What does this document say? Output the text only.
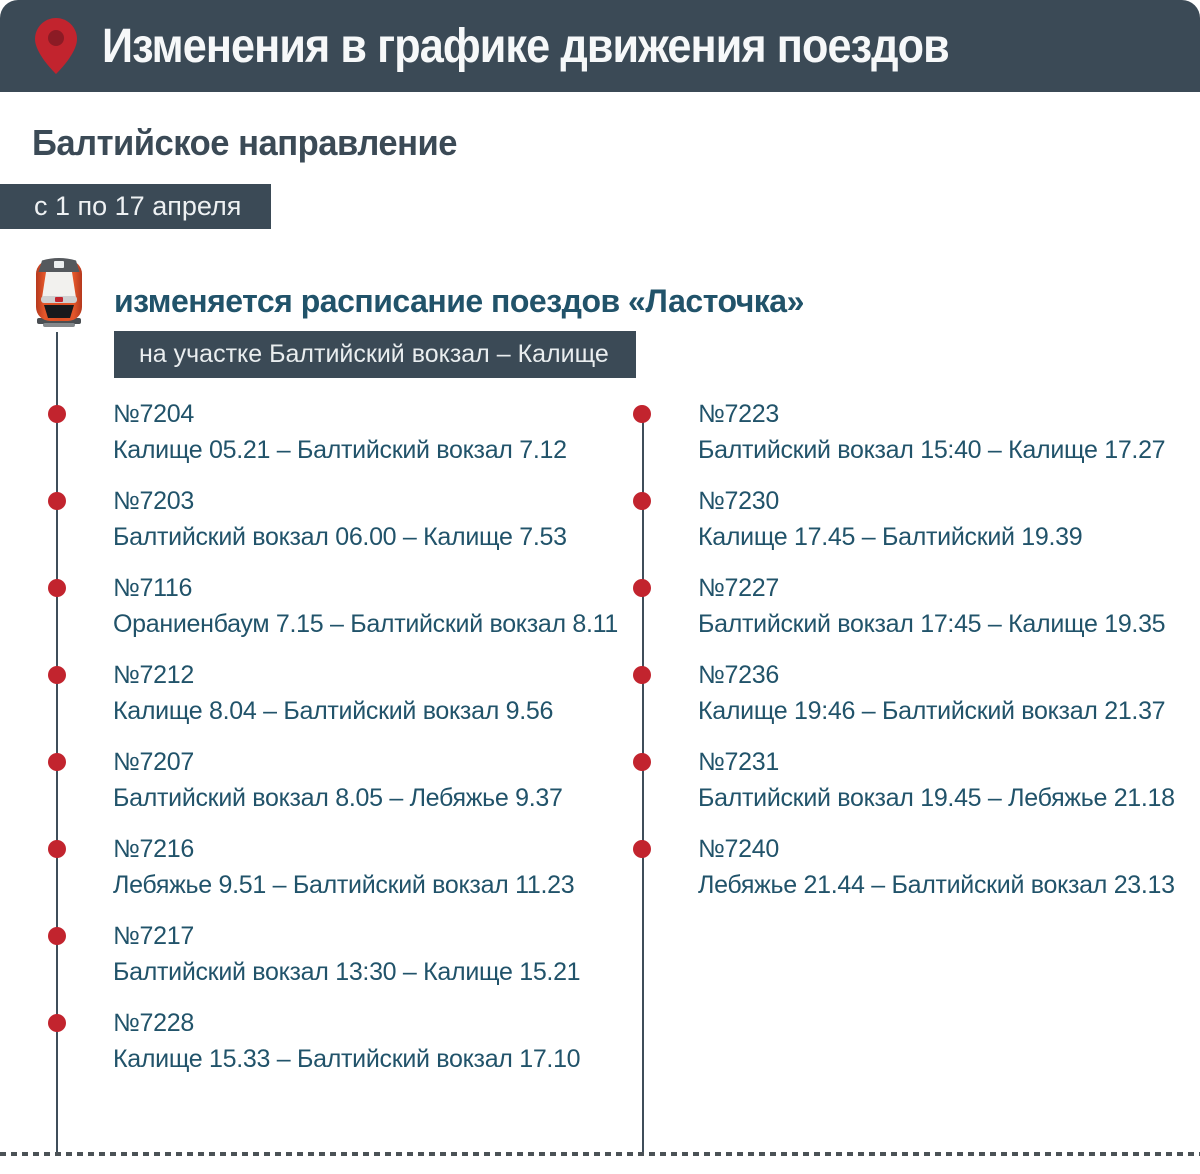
Изменения в графике движения поездов
Балтийское направление
с 1 по 17 апреля
изменяется расписание поездов «Ласточка»
на участке Балтийский вокзал – Калище
№7204
Калище 05.21 – Балтийский вокзал 7.12
№7203
Балтийский вокзал 06.00 – Калище 7.53
№7116
Ораниенбаум 7.15 – Балтийский вокзал 8.11
№7212
Калище 8.04 – Балтийский вокзал 9.56
№7207
Балтийский вокзал 8.05 – Лебяжье 9.37
№7216
Лебяжье 9.51 – Балтийский вокзал 11.23
№7217
Балтийский вокзал 13:30 – Калище 15.21
№7228
Калище 15.33 – Балтийский вокзал 17.10
№7223
Балтийский вокзал 15:40 – Калище 17.27
№7230
Калище 17.45 – Балтийский 19.39
№7227
Балтийский вокзал 17:45 – Калище 19.35
№7236
Калище 19:46 – Балтийский вокзал 21.37
№7231
Балтийский вокзал 19.45 – Лебяжье 21.18
№7240
Лебяжье 21.44 – Балтийский вокзал 23.13
